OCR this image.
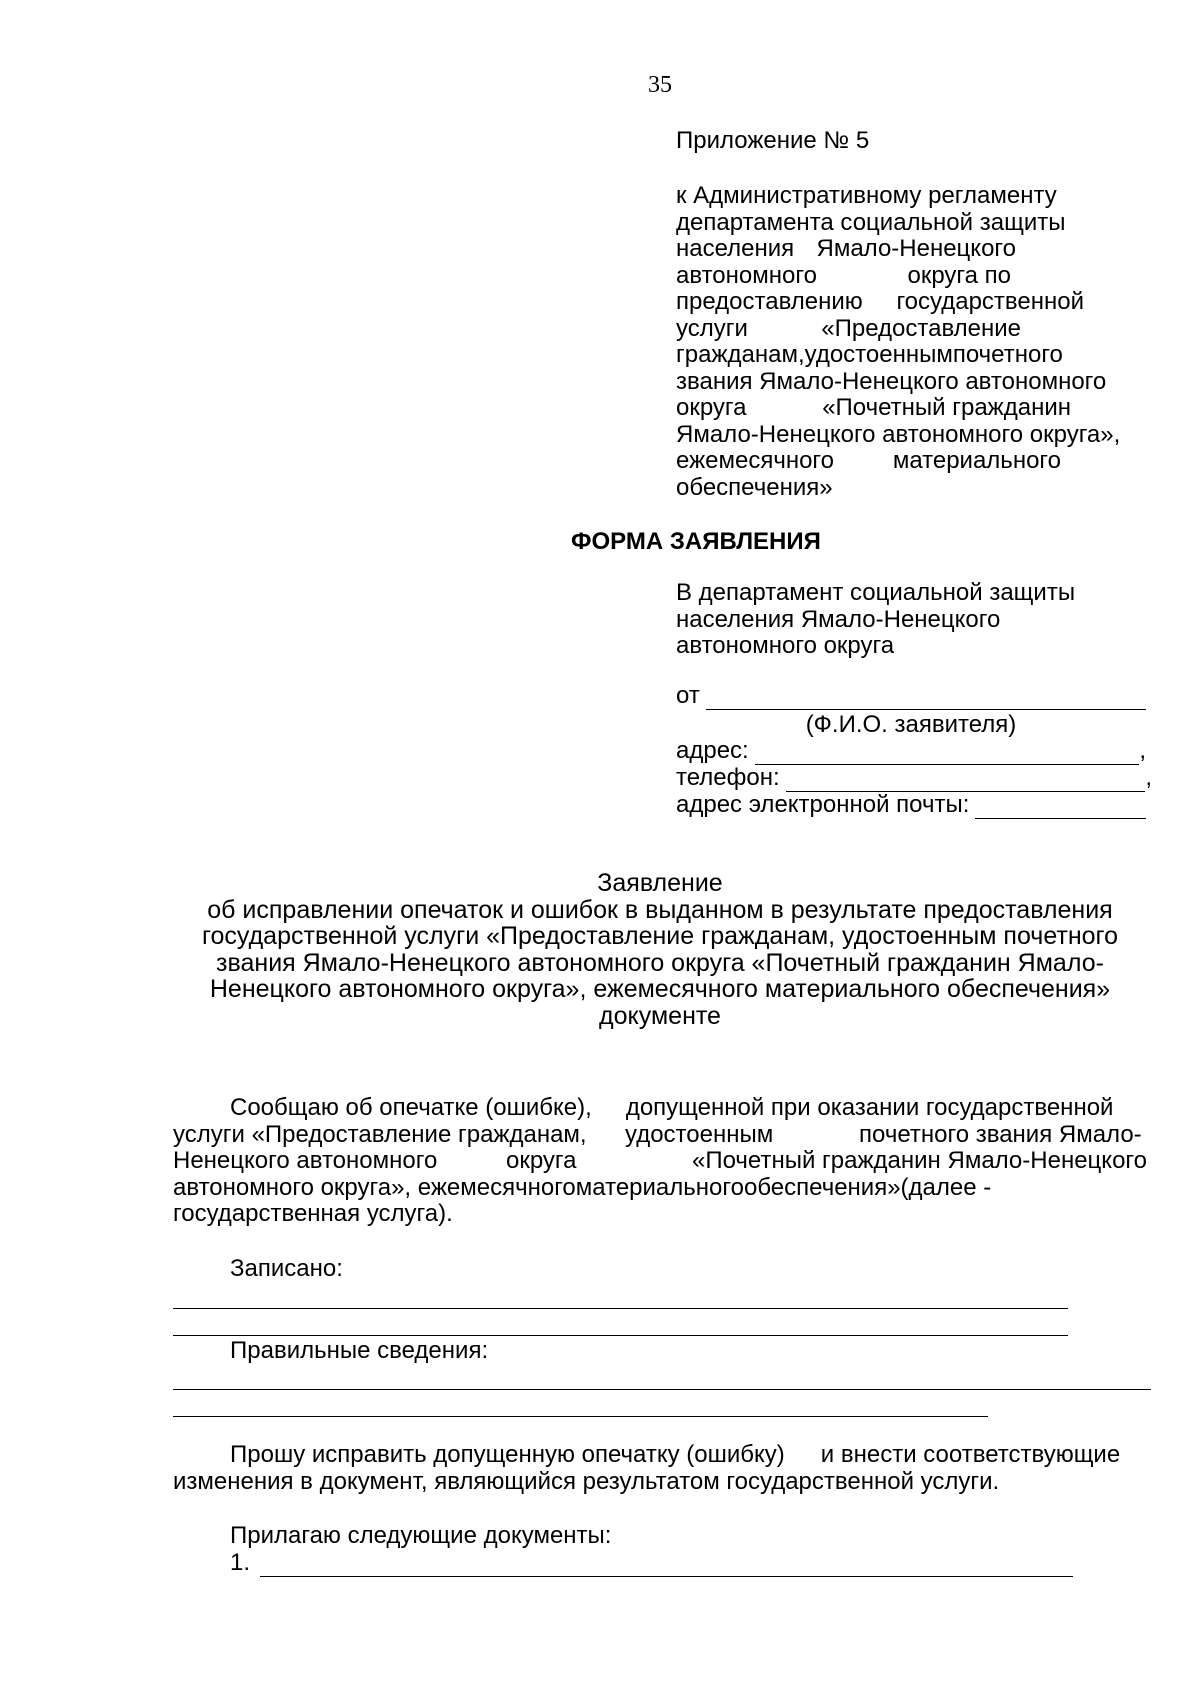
35
Приложение № 5
к Административному регламенту
департамента социальной защиты
населения Ямало-Ненецкого
автономного	округа по
предоставлению государственной
услуги	«Предоставление
гражданам,удостоеннымпочетного
звания Ямало-Ненецкого автономного
округа	«Почетный гражданин
Ямало-Ненецкого автономного округа»,
ежемесячного материального
обеспечения»
ФОРМА ЗАЯВЛЕНИЯ
В департамент социальной защиты
населения Ямало-Ненецкого
автономного округа
от
(Ф.И.О. заявителя)
адрес:	,
телефон:	,
адрес электронной почты:
Заявление
об исправлении опечаток и ошибок в выданном в результате предоставления
государственной услуги «Предоставление гражданам, удостоенным почетного
звания Ямало-Ненецкого автономного округа «Почетный гражданин Ямало-
Ненецкого автономного округа», ежемесячного материального обеспечения»
документе
Сообщаю об опечатке (ошибке), допущенной при оказании государственной
услуги «Предоставление гражданам,	удостоенным	почетного звания Ямало-
Ненецкого автономного	округа	«Почетный гражданин Ямало-Ненецкого
автономного округа», ежемесячногоматериальногообеспечения»(далее -
государственная услуга).
Записано:
Правильные сведения:
Прошу исправить допущенную опечатку (ошибку) и внести соответствующие
изменения в документ, являющийся результатом государственной услуги.
Прилагаю следующие документы:
1.
